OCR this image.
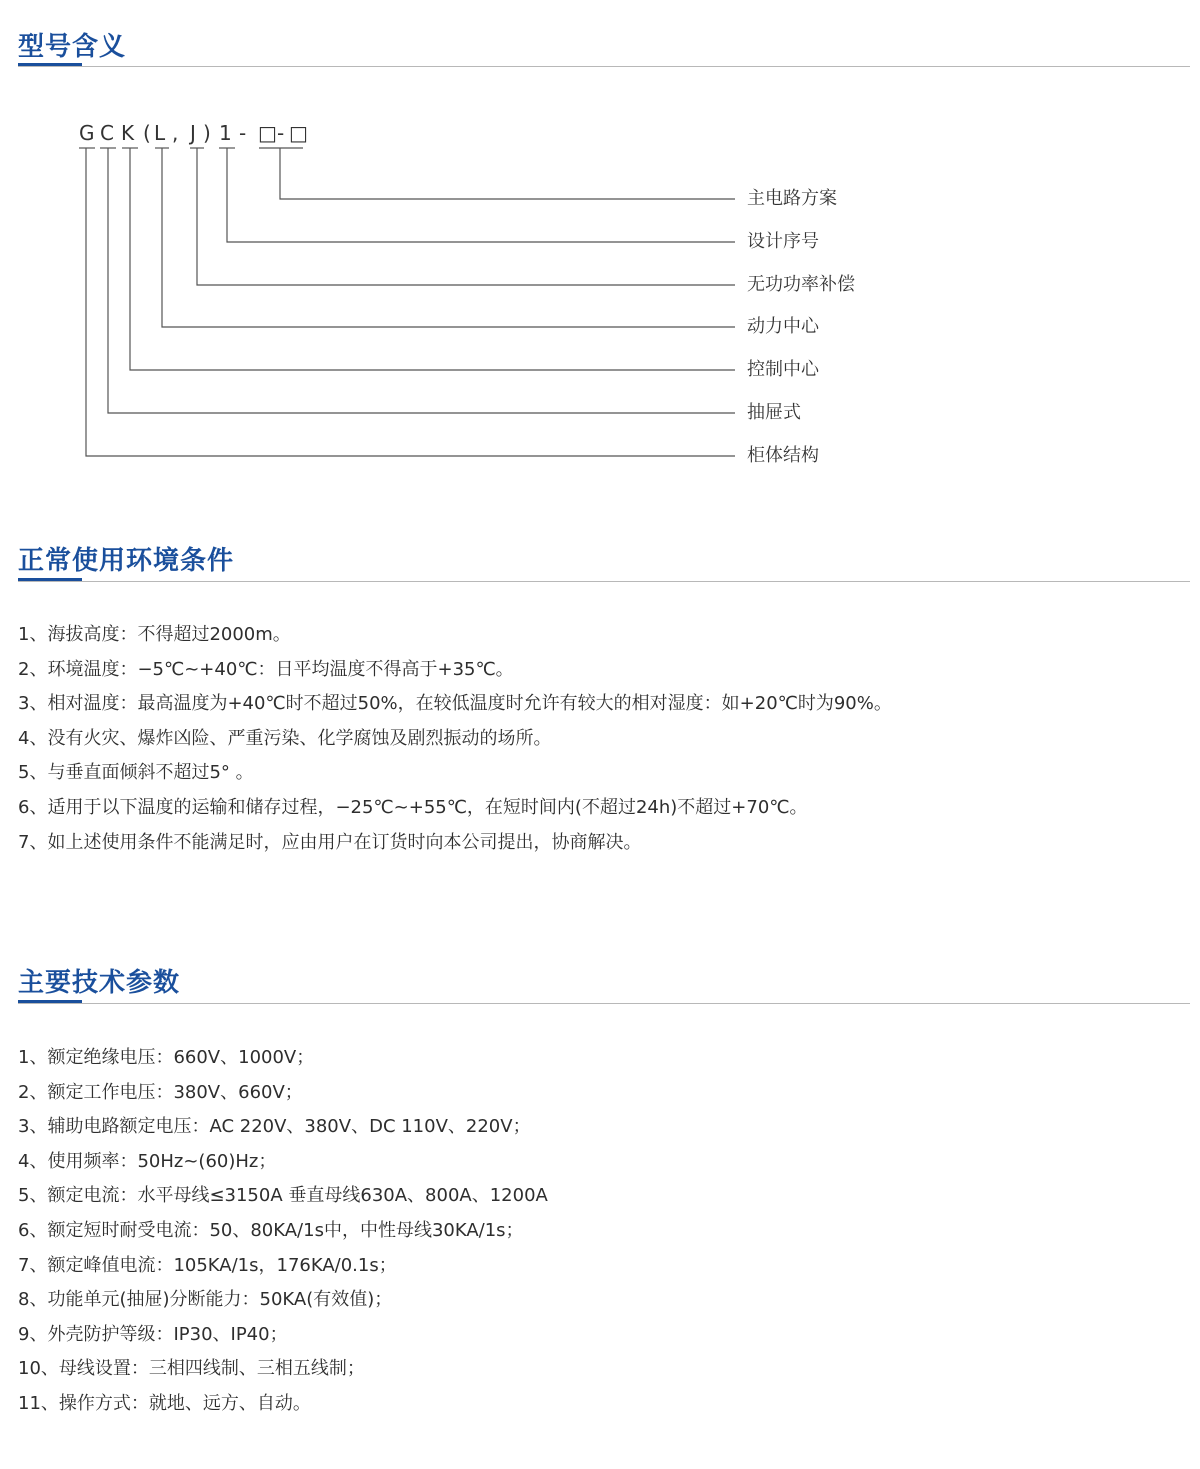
型号含义
G C K ( L , J ) 1 - □ - □
主电路方案
设计序号
无功功率补偿
动力中心
控制中心
抽屉式
柜体结构
正常使用环境条件
1、海拔高度：不得超过2000m。
2、环境温度：−5℃~+40℃：日平均温度不得高于+35℃。
3、相对温度：最高温度为+40℃时不超过50%，在较低温度时允许有较大的相对湿度：如+20℃时为90%。
4、没有火灾、爆炸凶险、严重污染、化学腐蚀及剧烈振动的场所。
5、与垂直面倾斜不超过5° 。
6、适用于以下温度的运输和储存过程，−25℃~+55℃，在短时间内(不超过24h)不超过+70℃。
7、如上述使用条件不能满足时，应由用户在订货时向本公司提出，协商解决。
主要技术参数
1、额定绝缘电压：660V、1000V；
2、额定工作电压：380V、660V；
3、辅助电路额定电压：AC 220V、380V、DC 110V、220V；
4、使用频率：50Hz~(60)Hz；
5、额定电流：水平母线≤3150A 垂直母线630A、800A、1200A
6、额定短时耐受电流：50、80KA/1s中，中性母线30KA/1s；
7、额定峰值电流：105KA/1s，176KA/0.1s；
8、功能单元(抽屉)分断能力：50KA(有效值)；
9、外壳防护等级：IP30、IP40；
10、母线设置：三相四线制、三相五线制；
11、操作方式：就地、远方、自动。
